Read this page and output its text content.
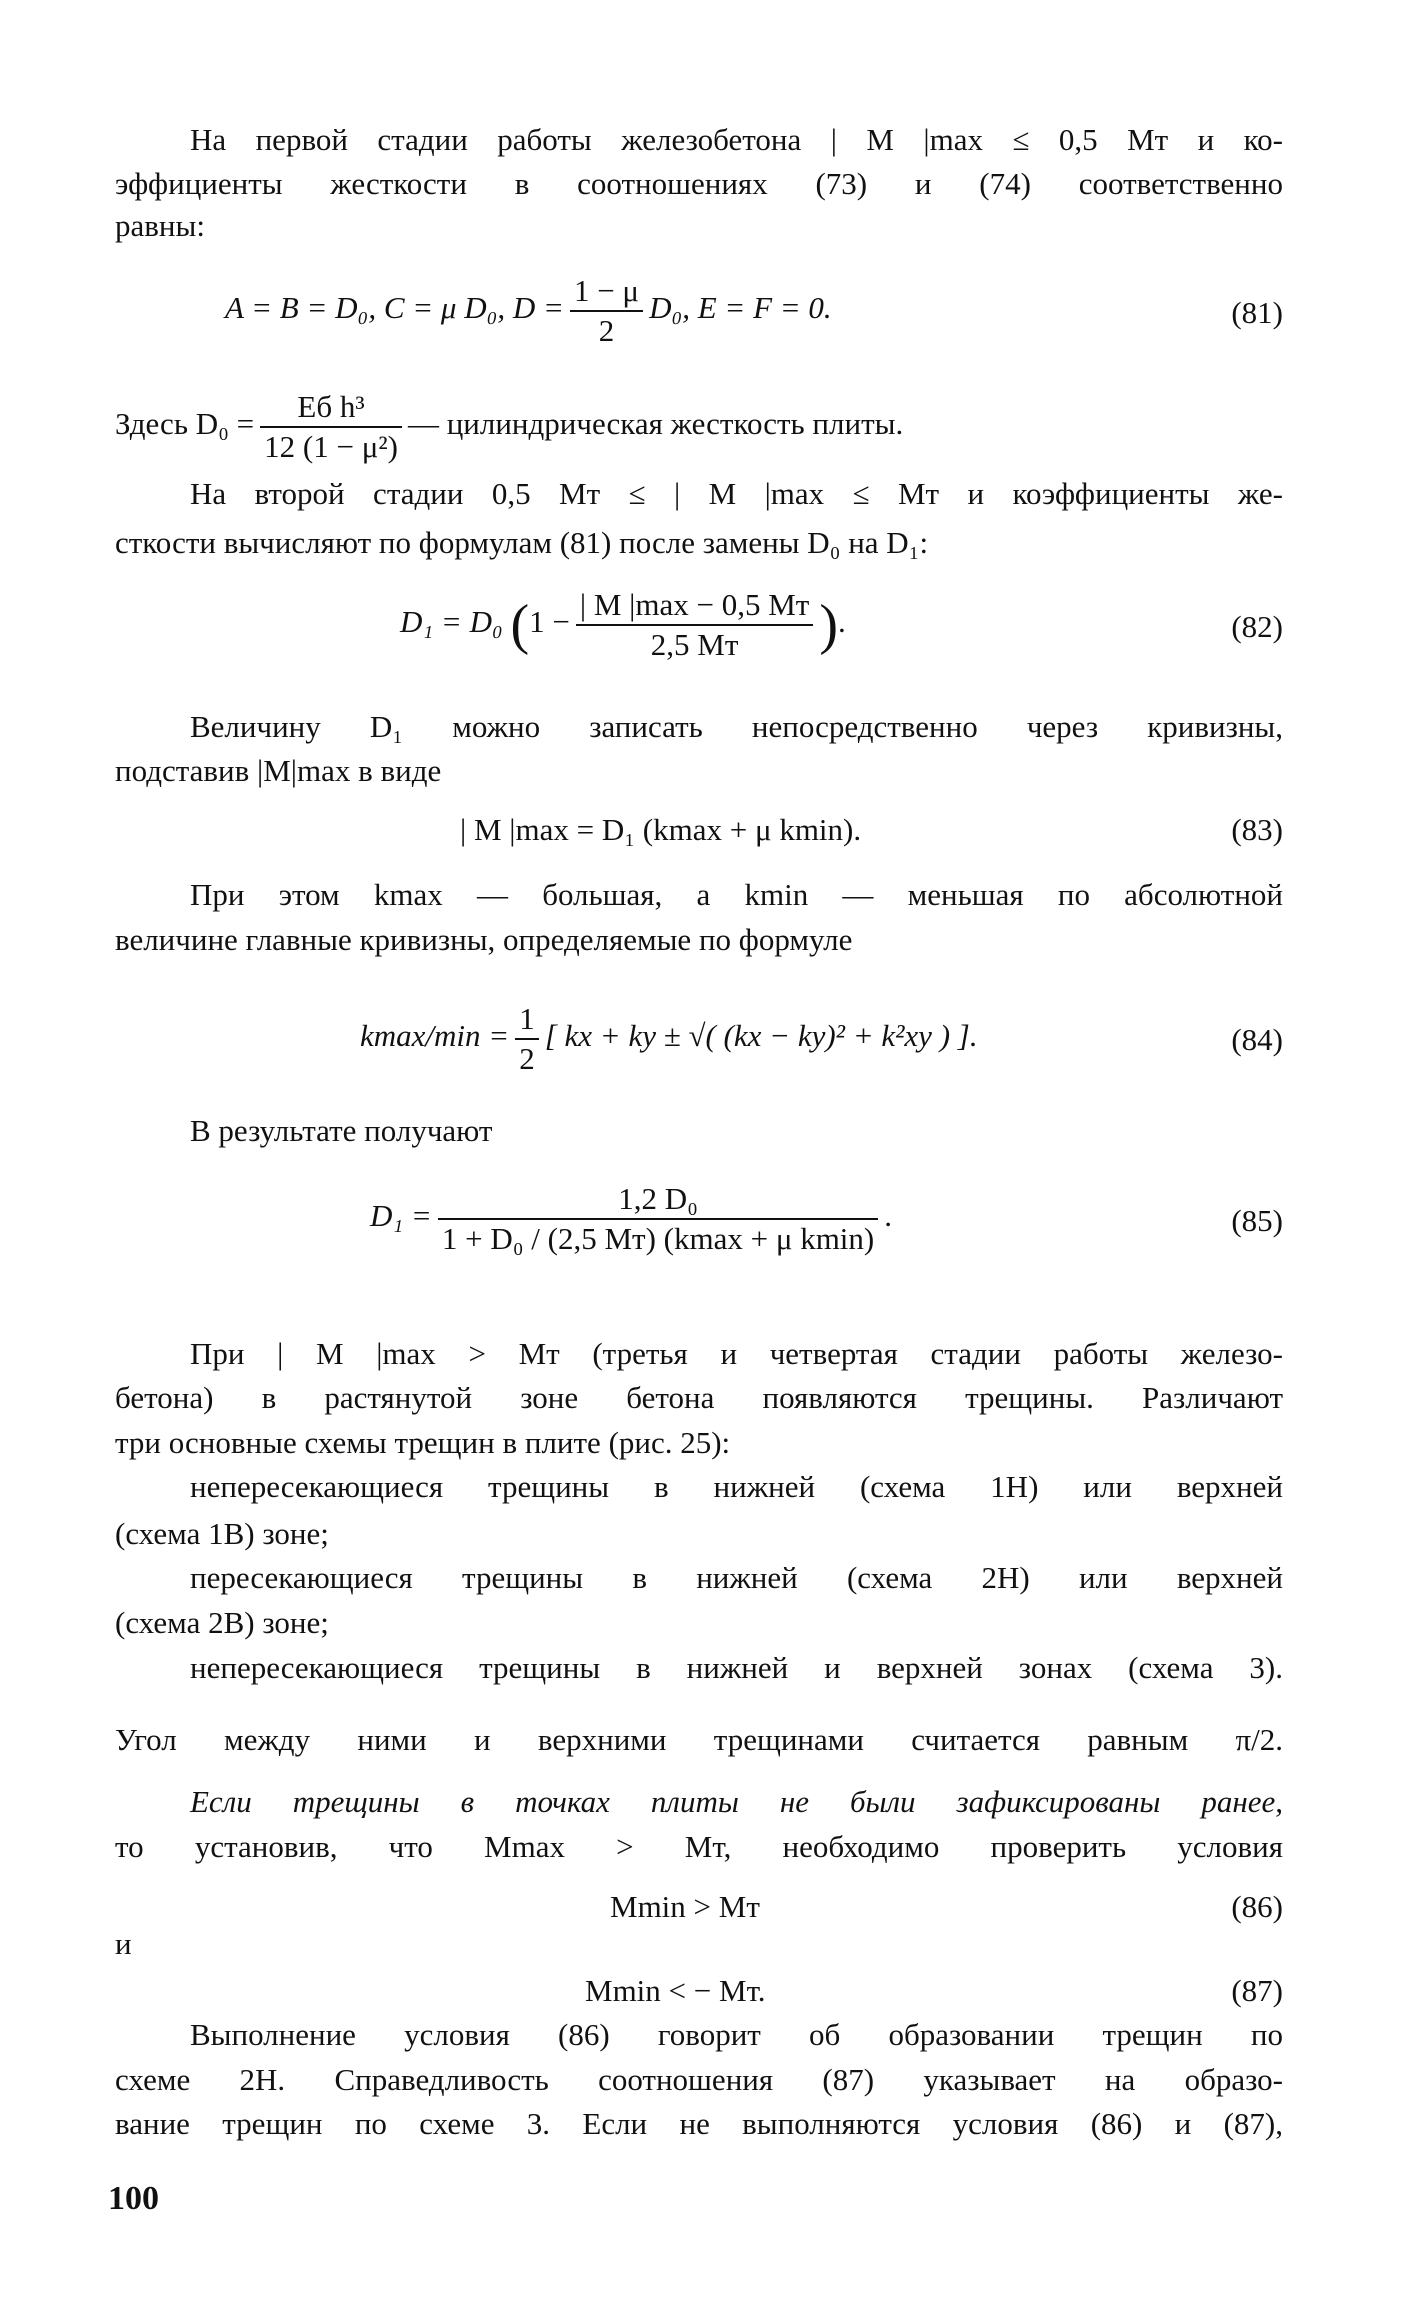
На первой стадии работы железобетона | M |max ≤ 0,5 Mт и ко-
эффициенты жесткости в соотношениях (73) и (74) соответственно
равны:
A = B = D₀, C = μ D₀, $D = \frac{1 - \mu}{2} D_0$, E = F = 0.	(81)
Здесь $D_0 = \frac{\text{Eб h³}}{\text{12 (1 − μ²)}}$ — цилиндрическая жесткость плиты.
На второй стадии 0,5 Mт ≤ | M |max ≤ Mт и коэффициенты же-
сткости вычисляют по формулам (81) после замены D₀ на D₁:
D₁ = D₀ ($1 - \frac{| M |\max - 0,5 Mт}{2,5 Mт}$ ).	(82)
Величину D₁ можно записать непосредственно через кривизны,
подставив |M|max в виде
| M |max = D₁ (kmax + μ kmin).	(83)
При этом kmax — большая, а kmin — меньшая по абсолютной
величине главные кривизны, определяемые по формуле
$kmax/\min = \frac{1}{2}$ [ kx + ky ± √( (kx − ky)² + k²xy ) ].	(84)
В результате получают
$D_1 = \frac{\text{1,2 D₀}}{\text{1 + D₀ / (2,5 Mт) (kmax + μ kmin)}}$ .	(85)
При | M |max > Mт (третья и четвертая стадии работы железо-
бетона) в растянутой зоне бетона появляются трещины. Различают
три основные схемы трещин в плите (рис. 25):
непересекающиеся трещины в нижней (схема 1Н) или верхней
(схема 1В) зоне;
пересекающиеся трещины в нижней (схема 2Н) или верхней
(схема 2В) зоне;
непересекающиеся трещины в нижней и верхней зонах (схема 3).
Угол между ними и верхними трещинами считается равным π/2.
Если трещины в точках плиты не были зафиксированы ранее,
то установив, что Mmax > Mт, необходимо проверить условия
Mmin > Mт	(86)
и
Mmin < − Mт.	(87)
Выполнение условия (86) говорит об образовании трещин по
схеме 2Н. Справедливость соотношения (87) указывает на образо-
вание трещин по схеме 3. Если не выполняются условия (86) и (87),
100
